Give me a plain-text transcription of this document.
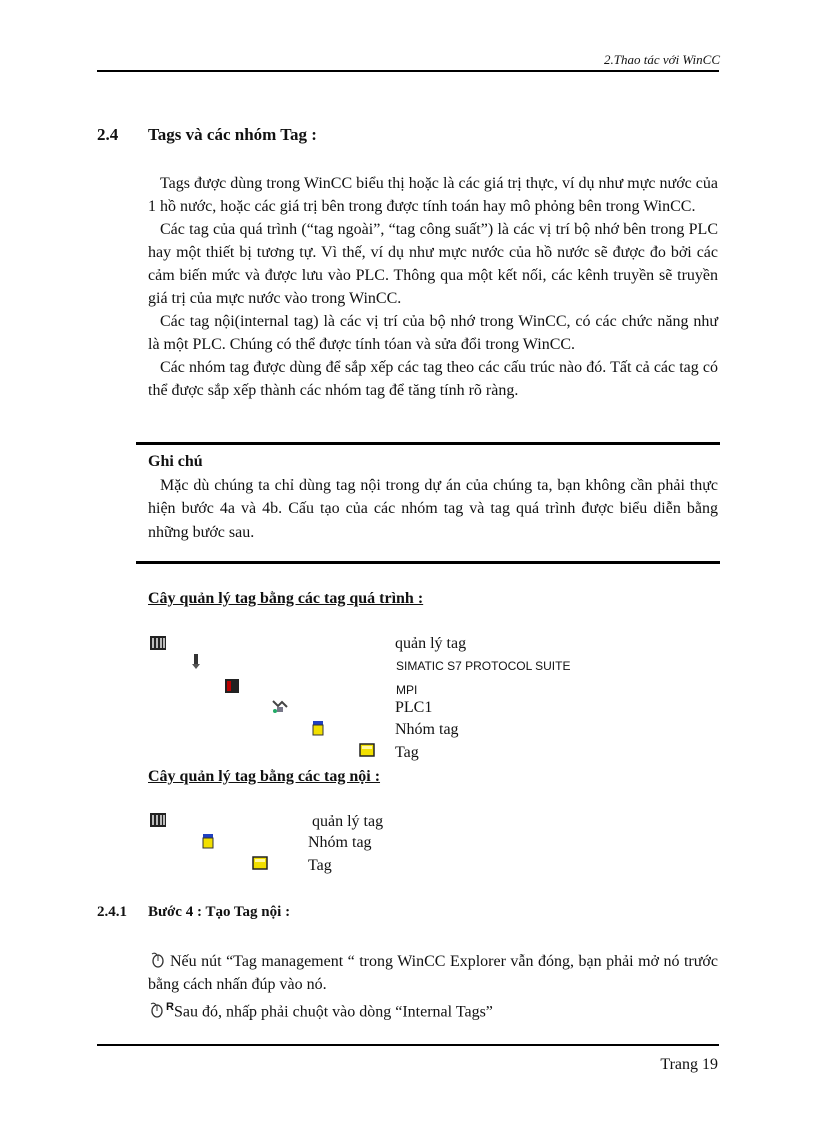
2.Thao tác với WinCC
2.4 Tags và các nhóm Tag :

Tags được dùng trong WinCC biểu thị hoặc là các giá trị thực, ví dụ như mực nước của 1 hồ nước, hoặc các giá trị bên trong được tính toán hay mô phỏng bên trong WinCC.

Các tag của quá trình (“tag ngoài”, “tag công suất”) là các vị trí bộ nhớ bên trong PLC hay một thiết bị tương tự. Vì thế, ví dụ như mực nước của hồ nước sẽ được đo bởi các cảm biến mức và được lưu vào PLC. Thông qua một kết nối, các kênh truyền sẽ truyền giá trị của mực nước vào trong WinCC.

Các tag nội(internal tag) là các vị trí của bộ nhớ trong WinCC, có các chức năng như là một PLC. Chúng có thể được tính tóan và sửa đổi trong WinCC.

Các nhóm tag được dùng để sắp xếp các tag theo các cấu trúc nào đó. Tất cả các tag có thể được sắp xếp thành các nhóm tag để tăng tính rõ ràng.

Ghi chú

Mặc dù chúng ta chỉ dùng tag nội trong dự án của chúng ta, bạn không cần phải thực hiện bước 4a và 4b. Cấu tạo của các nhóm tag và tag quá trình được biểu diễn bằng những bước sau.

Cây quản lý tag bằng các tag quá trình :
quản lý tag
SIMATIC S7 PROTOCOL SUITE
MPI
PLC1
Nhóm tag
Tag
Cây quản lý tag bằng các tag nội :
quản lý tag
Nhóm tag
Tag
2.4.1 Bước 4 : Tạo Tag nội :
Nếu nút “Tag management “ trong WinCC Explorer vẫn đóng, bạn phải mở nó trước bằng cách nhấn đúp vào nó.
$^R$Sau đó, nhấp phải chuột vào dòng “Internal Tags”
Trang 19
